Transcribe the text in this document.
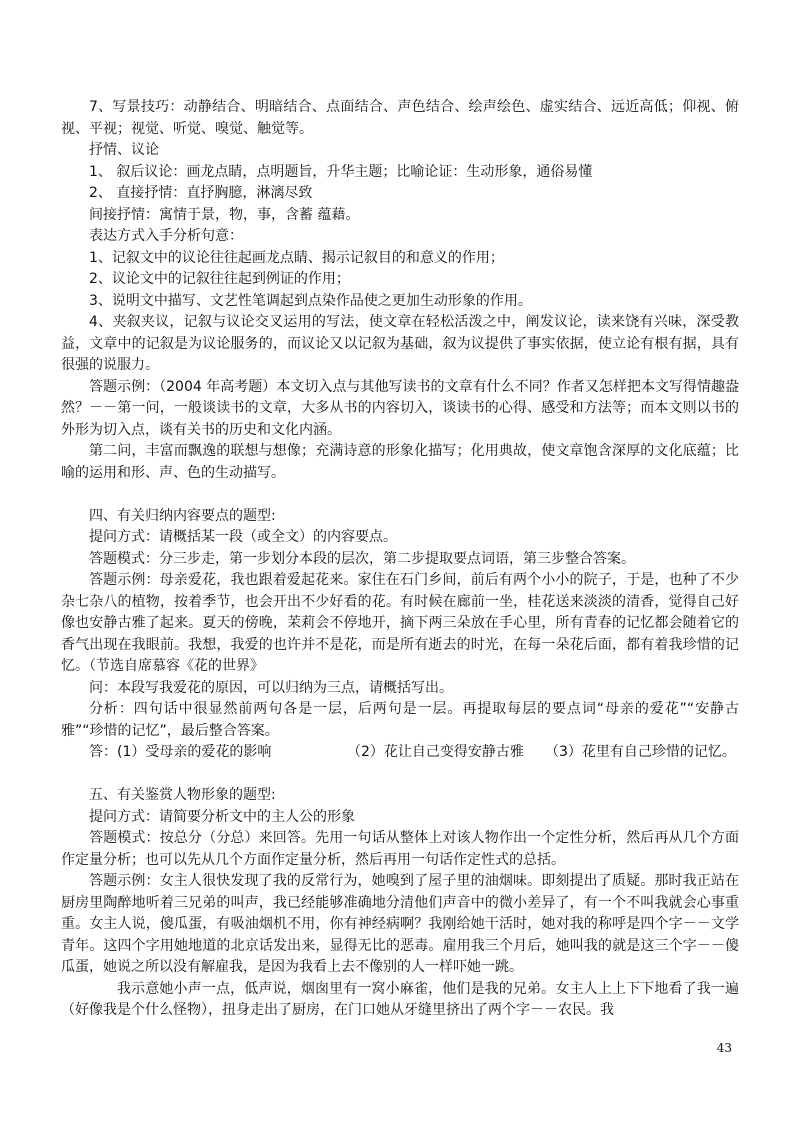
7、写景技巧：动静结合、明暗结合、点面结合、声色结合、绘声绘色、虚实结合、远近高低；仰视、俯视、平视；视觉、听觉、嗅觉、触觉等。

抒情、议论

1、 叙后议论：画龙点睛，点明题旨，升华主题；比喻论证：生动形象，通俗易懂

2、 直接抒情：直抒胸臆，淋漓尽致

间接抒情：寓情于景，物，事，含蓄 蕴藉。

表达方式入手分析句意：

1、记叙文中的议论往往起画龙点睛、揭示记叙目的和意义的作用；

2、议论文中的记叙往往起到例证的作用；

3、说明文中描写、文艺性笔调起到点染作品使之更加生动形象的作用。

4、夹叙夹议，记叙与议论交叉运用的写法，使文章在轻松活泼之中，阐发议论，读来饶有兴味，深受教益，文章中的记叙是为议论服务的，而议论又以记叙为基础，叙为议提供了事实依据，使立论有根有据，具有很强的说服力。

答题示例：（2004 年高考题）本文切入点与其他写读书的文章有什么不同？作者又怎样把本文写得情趣盎然？－－第一问，一般谈读书的文章，大多从书的内容切入，谈读书的心得、感受和方法等；而本文则以书的外形为切入点，谈有关书的历史和文化内涵。

第二问，丰富而飘逸的联想与想像；充满诗意的形象化描写；化用典故，使文章饱含深厚的文化底蕴；比喻的运用和形、声、色的生动描写。

四、有关归纳内容要点的题型:

提问方式：请概括某一段（或全文）的内容要点。

答题模式：分三步走，第一步划分本段的层次，第二步提取要点词语，第三步整合答案。

答题示例：母亲爱花，我也跟着爱起花来。家住在石门乡间，前后有两个小小的院子，于是，也种了不少杂七杂八的植物，按着季节，也会开出不少好看的花。有时候在廊前一坐，桂花送来淡淡的清香，觉得自己好像也安静古雅了起来。夏天的傍晚，茉莉会不停地开，摘下两三朵放在手心里，所有青春的记忆都会随着它的香气出现在我眼前。我想，我爱的也许并不是花，而是所有逝去的时光，在每一朵花后面，都有着我珍惜的记忆。（节选自席慕容《花的世界》

问：本段写我爱花的原因，可以归纳为三点，请概括写出。

分析：四句话中很显然前两句各是一层，后两句是一层。再提取每层的要点词“母亲的爱花”“安静古雅”“珍惜的记忆”，最后整合答案。

答：(1）受母亲的爱花的影响	（2）花让自己变得安静古雅	（3）花里有自己珍惜的记忆。

五、有关鉴赏人物形象的题型:

提问方式：请简要分析文中的主人公的形象

答题模式：按总分（分总）来回答。先用一句话从整体上对该人物作出一个定性分析，然后再从几个方面作定量分析；也可以先从几个方面作定量分析，然后再用一句话作定性式的总括。

答题示例：女主人很快发现了我的反常行为，她嗅到了屋子里的油烟味。即刻提出了质疑。那时我正站在厨房里陶醉地听着三兄弟的叫声，我已经能够准确地分清他们声音中的微小差异了，有一个不叫我就会心事重重。女主人说，傻瓜蛋，有吸油烟机不用，你有神经病啊？我刚给她干活时，她对我的称呼是四个字－－文学青年。这四个字用她地道的北京话发出来，显得无比的恶毒。雇用我三个月后，她叫我的就是这三个字－－傻瓜蛋，她说之所以没有解雇我，是因为我看上去不像别的人一样吓她一跳。

我示意她小声一点，低声说，烟囱里有一窝小麻雀，他们是我的兄弟。女主人上上下下地看了我一遍（好像我是个什么怪物），扭身走出了厨房，在门口她从牙缝里挤出了两个字－－农民。我

43
